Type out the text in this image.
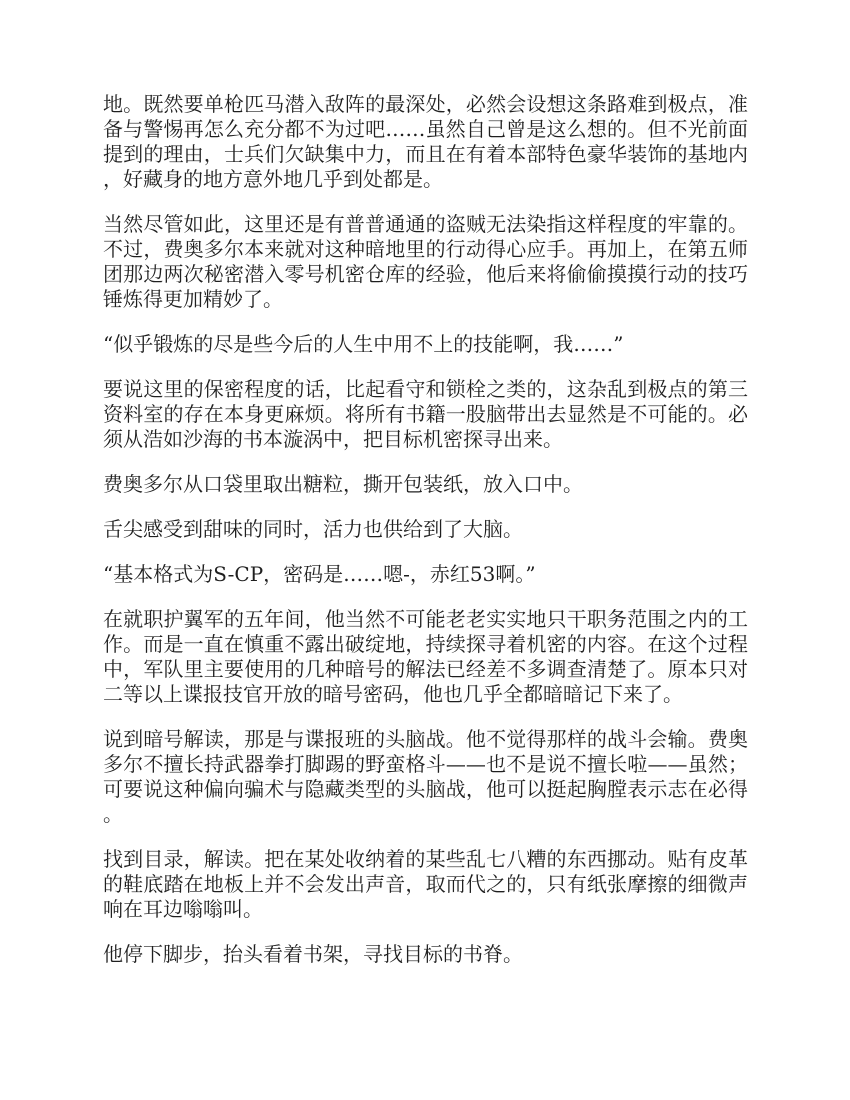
地。既然要单枪匹马潜入敌阵的最深处，必然会设想这条路难到极点，准备与警惕再怎么充分都不为过吧……虽然自己曾是这么想的。但不光前面提到的理由，士兵们欠缺集中力，而且在有着本部特色豪华装饰的基地内，好藏身的地方意外地几乎到处都是。

当然尽管如此，这里还是有普普通通的盗贼无法染指这样程度的牢靠的。不过，费奥多尔本来就对这种暗地里的行动得心应手。再加上，在第五师团那边两次秘密潜入零号机密仓库的经验，他后来将偷偷摸摸行动的技巧锤炼得更加精妙了。

“似乎锻炼的尽是些今后的人生中用不上的技能啊，我……”

要说这里的保密程度的话，比起看守和锁栓之类的，这杂乱到极点的第三资料室的存在本身更麻烦。将所有书籍一股脑带出去显然是不可能的。必须从浩如沙海的书本漩涡中，把目标机密探寻出来。

费奥多尔从口袋里取出糖粒，撕开包装纸，放入口中。

舌尖感受到甜味的同时，活力也供给到了大脑。

“基本格式为S-CP，密码是……嗯-，赤红53啊。”

在就职护翼军的五年间，他当然不可能老老实实地只干职务范围之内的工作。而是一直在慎重不露出破绽地，持续探寻着机密的内容。在这个过程中，军队里主要使用的几种暗号的解法已经差不多调查清楚了。原本只对二等以上谍报技官开放的暗号密码，他也几乎全都暗暗记下来了。

说到暗号解读，那是与谍报班的头脑战。他不觉得那样的战斗会输。费奥多尔不擅长持武器拳打脚踢的野蛮格斗——也不是说不擅长啦——虽然；可要说这种偏向骗术与隐藏类型的头脑战，他可以挺起胸膛表示志在必得。

找到目录，解读。把在某处收纳着的某些乱七八糟的东西挪动。贴有皮革的鞋底踏在地板上并不会发出声音，取而代之的，只有纸张摩擦的细微声响在耳边嗡嗡叫。

他停下脚步，抬头看着书架，寻找目标的书脊。
